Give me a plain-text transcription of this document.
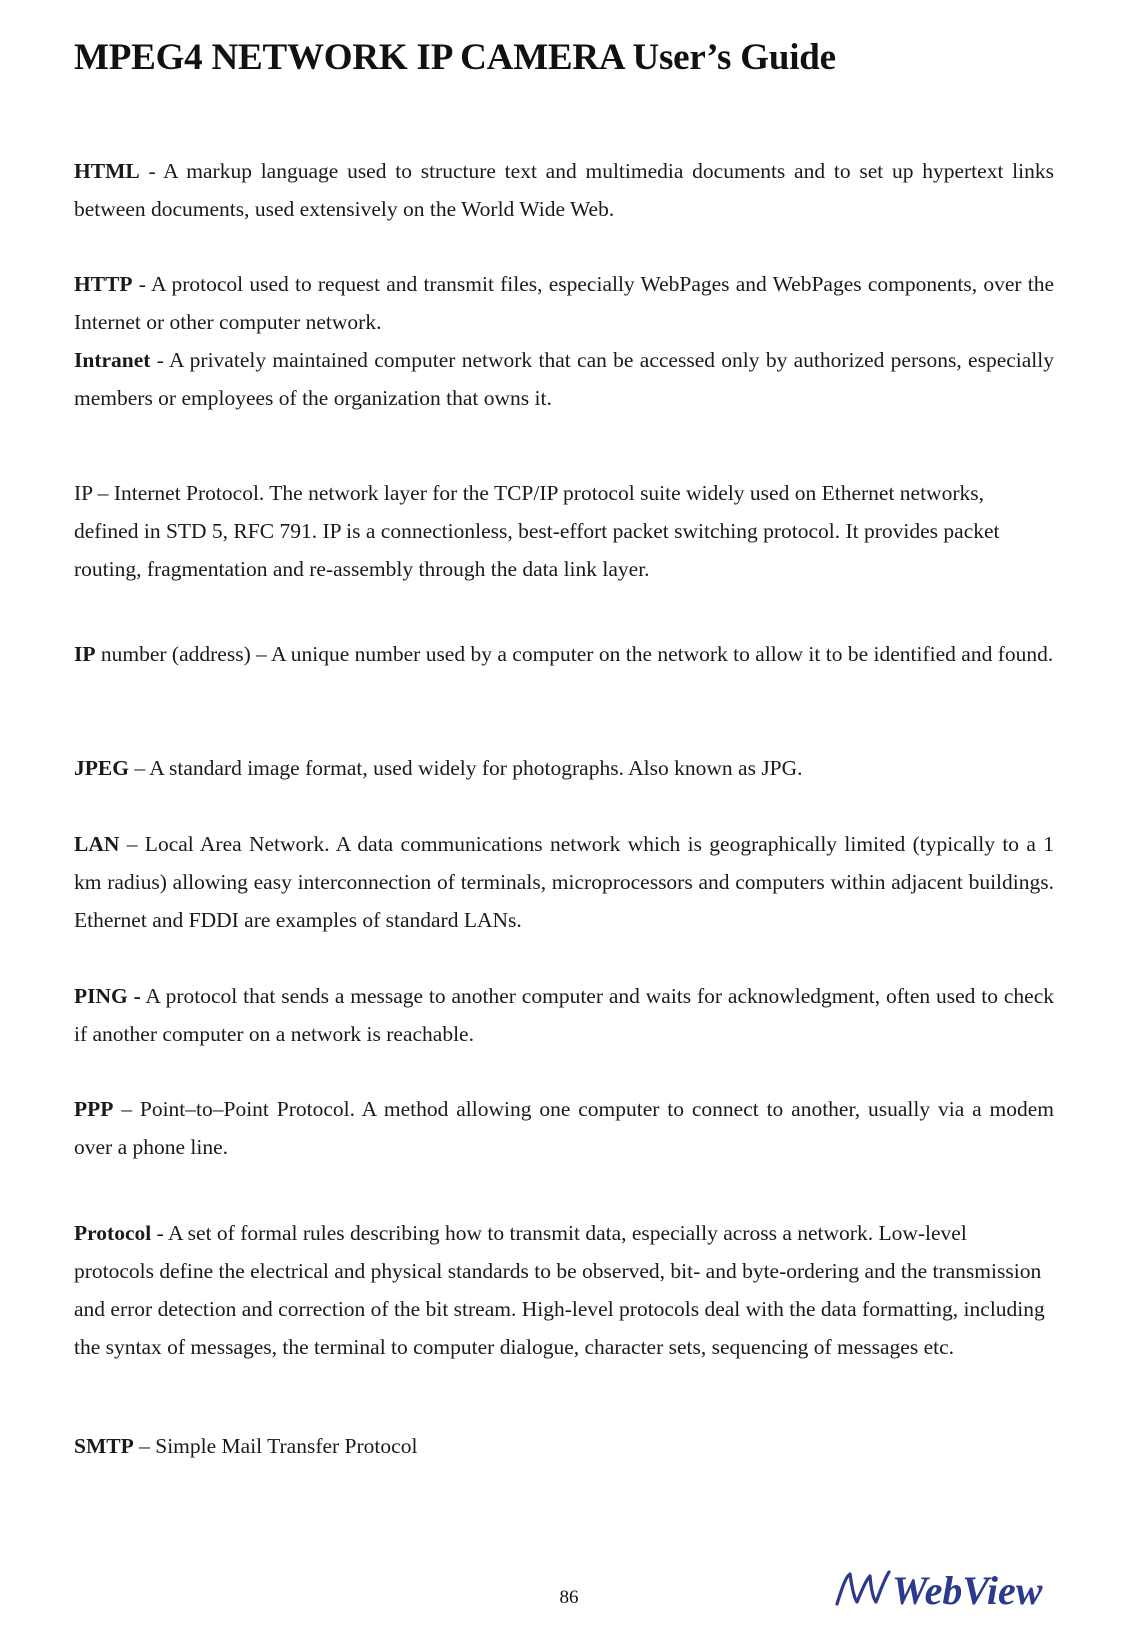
MPEG4 NETWORK IP CAMERA User’s Guide

HTML - A markup language used to structure text and multimedia documents and to set up hypertext links between documents, used extensively on the World Wide Web.

HTTP - A protocol used to request and transmit files, especially WebPages and WebPages components, over the Internet or other computer network.

Intranet - A privately maintained computer network that can be accessed only by authorized persons, especially members or employees of the organization that owns it.

IP – Internet Protocol. The network layer for the TCP/IP protocol suite widely used on Ethernet networks, defined in STD 5, RFC 791. IP is a connectionless, best-effort packet switching protocol. It provides packet routing, fragmentation and re-assembly through the data link layer.

IP number (address) – A unique number used by a computer on the network to allow it to be identified and found.

JPEG – A standard image format, used widely for photographs. Also known as JPG.

LAN – Local Area Network. A data communications network which is geographically limited (typically to a 1 km radius) allowing easy interconnection of terminals, microprocessors and computers within adjacent buildings. Ethernet and FDDI are examples of standard LANs.

PING - A protocol that sends a message to another computer and waits for acknowledgment, often used to check if another computer on a network is reachable.

PPP – Point–to–Point Protocol. A method allowing one computer to connect to another, usually via a modem over a phone line.

Protocol - A set of formal rules describing how to transmit data, especially across a network. Low-level protocols define the electrical and physical standards to be observed, bit- and byte-ordering and the transmission and error detection and correction of the bit stream. High-level protocols deal with the data formatting, including the syntax of messages, the terminal to computer dialogue, character sets, sequencing of messages etc.

SMTP – Simple Mail Transfer Protocol

86	WebView
